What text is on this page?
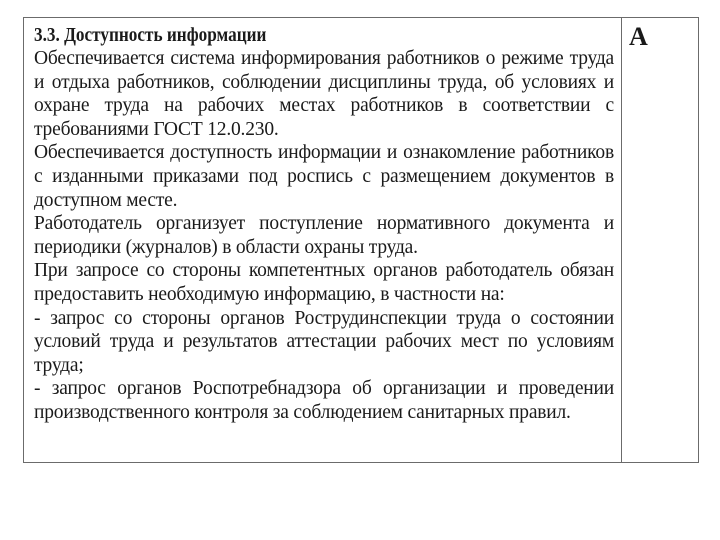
3.3. Доступность информации

Обеспечивается система информирования работников о режиме труда и отдыха работников, соблюдении дисциплины труда, об условиях и охране труда на рабочих местах работников в соответствии с требованиями ГОСТ 12.0.230.

Обеспечивается доступность информации и ознакомление работников с изданными приказами под роспись с размещением документов в доступном месте.

Работодатель организует поступление нормативного документа и периодики (журналов) в области охраны труда.

При запросе со стороны компетентных органов работодатель обязан предоставить необходимую информацию, в частности на:

- запрос со стороны органов Рострудинспекции труда о состоянии условий труда и результатов аттестации рабочих мест по условиям труда;

- запрос органов Роспотребнадзора об организации и проведении производственного контроля за соблюдением санитарных правил.

А
